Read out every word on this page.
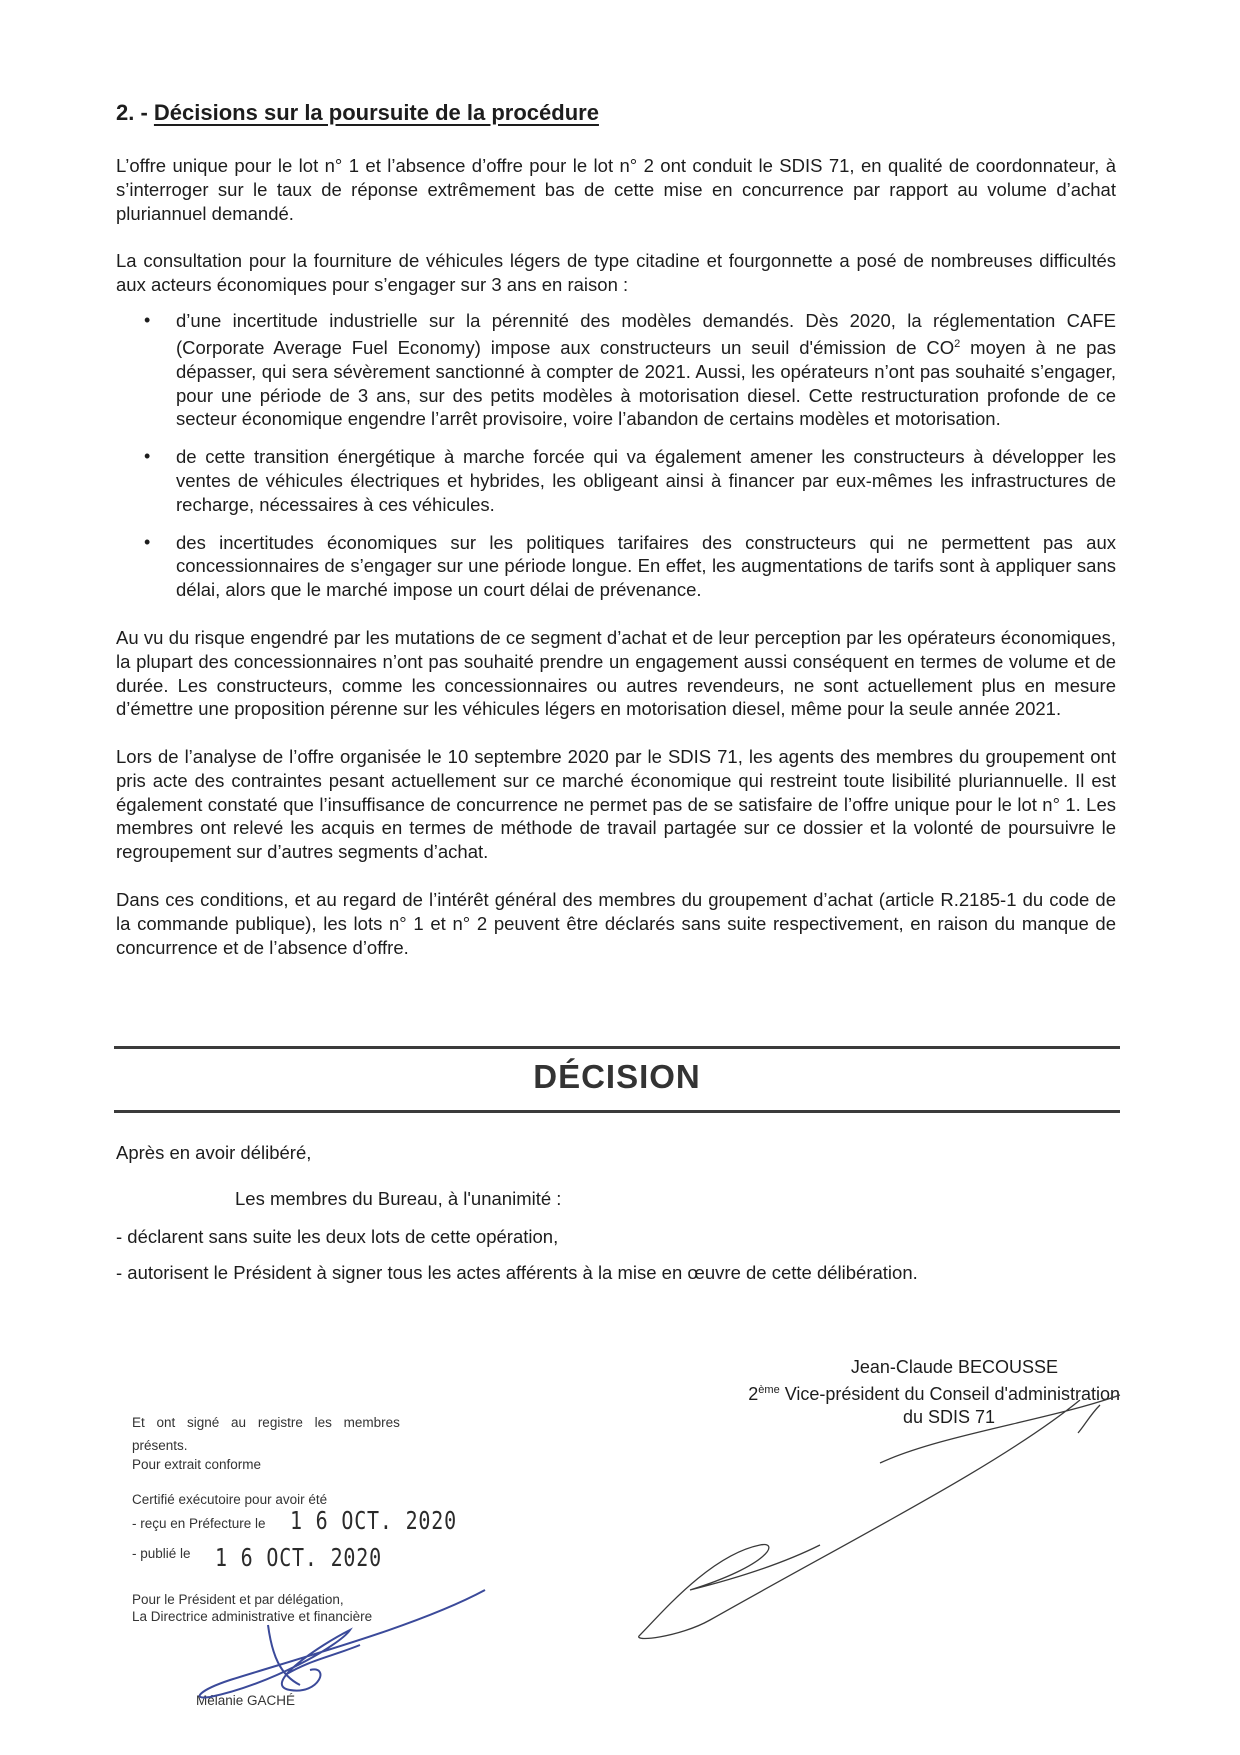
2. - Décisions sur la poursuite de la procédure

L’offre unique pour le lot n° 1 et l’absence d’offre pour le lot n° 2 ont conduit le SDIS 71, en qualité de coordonnateur, à s’interroger sur le taux de réponse extrêmement bas de cette mise en concurrence par rapport au volume d’achat pluriannuel demandé.

La consultation pour la fourniture de véhicules légers de type citadine et fourgonnette a posé de nombreuses difficultés aux acteurs économiques pour s’engager sur 3 ans en raison :

• d’une incertitude industrielle sur la pérennité des modèles demandés. Dès 2020, la réglementation CAFE (Corporate Average Fuel Economy) impose aux constructeurs un seuil d'émission de $CO^2$ moyen à ne pas dépasser, qui sera sévèrement sanctionné à compter de 2021. Aussi, les opérateurs n’ont pas souhaité s’engager, pour une période de 3 ans, sur des petits modèles à motorisation diesel. Cette restructuration profonde de ce secteur économique engendre l’arrêt provisoire, voire l’abandon de certains modèles et motorisation.
• de cette transition énergétique à marche forcée qui va également amener les constructeurs à développer les ventes de véhicules électriques et hybrides, les obligeant ainsi à financer par eux-mêmes les infrastructures de recharge, nécessaires à ces véhicules.
• des incertitudes économiques sur les politiques tarifaires des constructeurs qui ne permettent pas aux concessionnaires de s’engager sur une période longue. En effet, les augmentations de tarifs sont à appliquer sans délai, alors que le marché impose un court délai de prévenance.

Au vu du risque engendré par les mutations de ce segment d’achat et de leur perception par les opérateurs économiques, la plupart des concessionnaires n’ont pas souhaité prendre un engagement aussi conséquent en termes de volume et de durée. Les constructeurs, comme les concessionnaires ou autres revendeurs, ne sont actuellement plus en mesure d’émettre une proposition pérenne sur les véhicules légers en motorisation diesel, même pour la seule année 2021.

Lors de l’analyse de l’offre organisée le 10 septembre 2020 par le SDIS 71, les agents des membres du groupement ont pris acte des contraintes pesant actuellement sur ce marché économique qui restreint toute lisibilité pluriannuelle. Il est également constaté que l’insuffisance de concurrence ne permet pas de se satisfaire de l’offre unique pour le lot n° 1. Les membres ont relevé les acquis en termes de méthode de travail partagée sur ce dossier et la volonté de poursuivre le regroupement sur d’autres segments d’achat.

Dans ces conditions, et au regard de l’intérêt général des membres du groupement d’achat (article R.2185-1 du code de la commande publique), les lots n° 1 et n° 2 peuvent être déclarés sans suite respectivement, en raison du manque de concurrence et de l’absence d’offre.

DÉCISION
Après en avoir délibéré,
Les membres du Bureau, à l'unanimité :
- déclarent sans suite les deux lots de cette opération,
- autorisent le Président à signer tous les actes afférents à la mise en œuvre de cette délibération.
Jean-Claude BECOUSSE
2ème Vice-président du Conseil d'administration
du SDIS 71
Et ont signé au registre les membres
présents.
Pour extrait conforme
Certifié exécutoire pour avoir été
- reçu en Préfecture le 1 6 OCT. 2020
- publié le 1 6 OCT. 2020
Pour le Président et par délégation,
La Directrice administrative et financière
Mélanie GACHÉ
